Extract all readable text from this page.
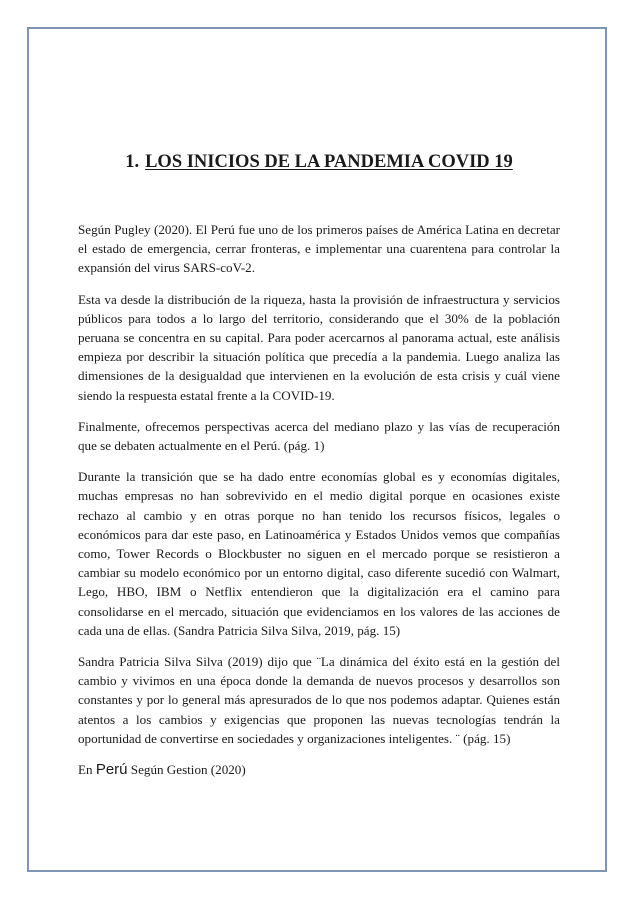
1. LOS INICIOS DE LA PANDEMIA COVID 19

Según Pugley (2020). El Perú fue uno de los primeros países de América Latina en decretar el estado de emergencia, cerrar fronteras, e implementar una cuarentena para controlar la expansión del virus SARS-coV-2.

Esta va desde la distribución de la riqueza, hasta la provisión de infraestructura y servicios públicos para todos a lo largo del territorio, considerando que el 30% de la población peruana se concentra en su capital. Para poder acercarnos al panorama actual, este análisis empieza por describir la situación política que precedía a la pandemia. Luego analiza las dimensiones de la desigualdad que intervienen en la evolución de esta crisis y cuál viene siendo la respuesta estatal frente a la COVID-19.

Finalmente, ofrecemos perspectivas acerca del mediano plazo y las vías de recuperación que se debaten actualmente en el Perú. (pág. 1)

Durante la transición que se ha dado entre economías global es y economías digitales, muchas empresas no han sobrevivido en el medio digital porque en ocasiones existe rechazo al cambio y en otras porque no han tenido los recursos físicos, legales o económicos para dar este paso, en Latinoamérica y Estados Unidos vemos que compañías como, Tower Records o Blockbuster no siguen en el mercado porque se resistieron a cambiar su modelo económico por un entorno digital, caso diferente sucedió con Walmart, Lego, HBO, IBM o Netflix entendieron que la digitalización era el camino para consolidarse en el mercado, situación que evidenciamos en los valores de las acciones de cada una de ellas. (Sandra Patricia Silva Silva, 2019, pág. 15)

Sandra Patricia Silva Silva (2019) dijo que ¨La dinámica del éxito está en la gestión del cambio y vivimos en una época donde la demanda de nuevos procesos y desarrollos son constantes y por lo general más apresurados de lo que nos podemos adaptar. Quienes están atentos a los cambios y exigencias que proponen las nuevas tecnologías tendrán la oportunidad de convertirse en sociedades y organizaciones inteligentes. ¨ (pág. 15)

En Perú Según Gestion (2020)
